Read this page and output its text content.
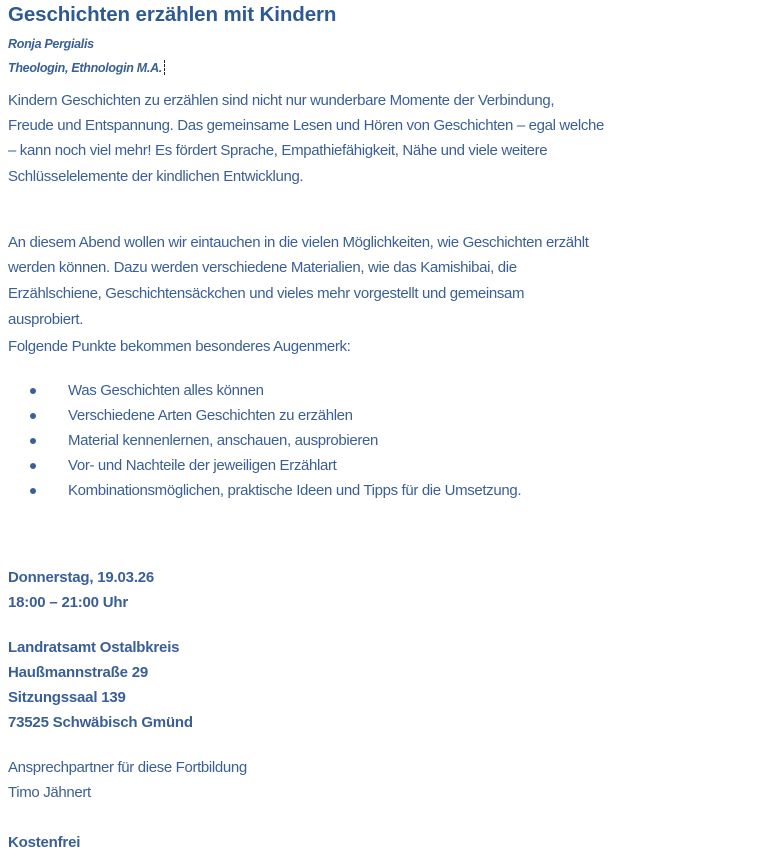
Geschichten erzählen mit Kindern
Ronja Pergialis
Theologin, Ethnologin M.A.
Kindern Geschichten zu erzählen sind nicht nur wunderbare Momente der Verbindung,
Freude und Entspannung. Das gemeinsame Lesen und Hören von Geschichten – egal welche
– kann noch viel mehr! Es fördert Sprache, Empathiefähigkeit, Nähe und viele weitere
Schlüsselelemente der kindlichen Entwicklung.
An diesem Abend wollen wir eintauchen in die vielen Möglichkeiten, wie Geschichten erzählt
werden können. Dazu werden verschiedene Materialien, wie das Kamishibai, die
Erzählschiene, Geschichtensäckchen und vieles mehr vorgestellt und gemeinsam
ausprobiert.
Folgende Punkte bekommen besonderes Augenmerk:
Was Geschichten alles können
Verschiedene Arten Geschichten zu erzählen
Material kennenlernen, anschauen, ausprobieren
Vor- und Nachteile der jeweiligen Erzählart
Kombinationsmöglichen, praktische Ideen und Tipps für die Umsetzung.
Donnerstag, 19.03.26
18:00 – 21:00 Uhr
Landratsamt Ostalbkreis
Haußmannstraße 29
Sitzungssaal 139
73525 Schwäbisch Gmünd
Ansprechpartner für diese Fortbildung
Timo Jähnert
Kostenfrei
